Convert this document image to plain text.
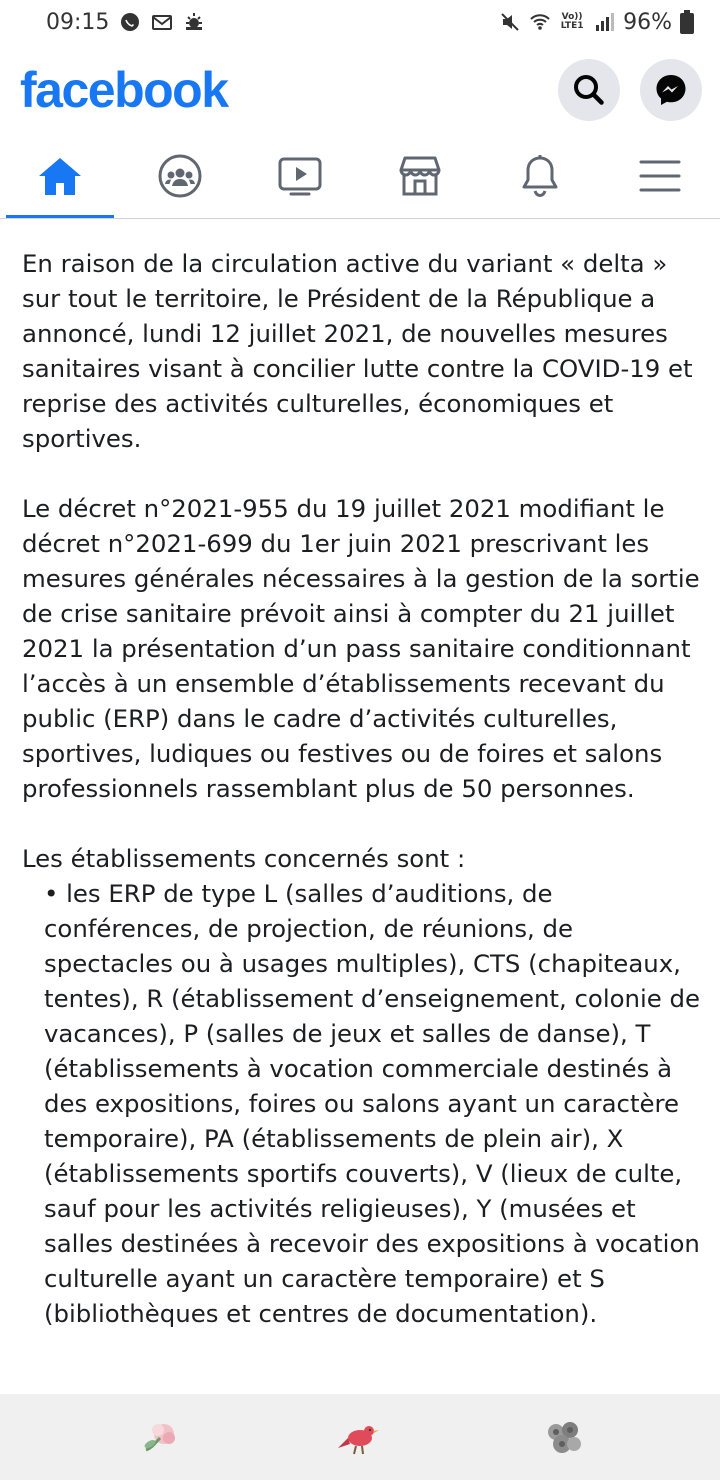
09:15	Vo)) LTE1 96%
facebook

En raison de la circulation active du variant « delta » sur tout le territoire, le Président de la République a annoncé, lundi 12 juillet 2021, de nouvelles mesures sanitaires visant à concilier lutte contre la COVID-19 et reprise des activités culturelles, économiques et sportives.

Le décret n°2021-955 du 19 juillet 2021 modifiant le décret n°2021-699 du 1er juin 2021 prescrivant les mesures générales nécessaires à la gestion de la sortie de crise sanitaire prévoit ainsi à compter du 21 juillet 2021 la présentation d’un pass sanitaire conditionnant l’accès à un ensemble d’établissements recevant du public (ERP) dans le cadre d’activités culturelles, sportives, ludiques ou festives ou de foires et salons professionnels rassemblant plus de 50 personnes.

Les établissements concernés sont :

• les ERP de type L (salles d’auditions, de conférences, de projection, de réunions, de spectacles ou à usages multiples), CTS (chapiteaux, tentes), R (établissement d’enseignement, colonie de vacances), P (salles de jeux et salles de danse), T (établissements à vocation commerciale destinés à des expositions, foires ou salons ayant un caractère temporaire), PA (établissements de plein air), X (établissements sportifs couverts), V (lieux de culte, sauf pour les activités religieuses), Y (musées et salles destinées à recevoir des expositions à vocation culturelle ayant un caractère temporaire) et S (bibliothèques et centres de documentation).
